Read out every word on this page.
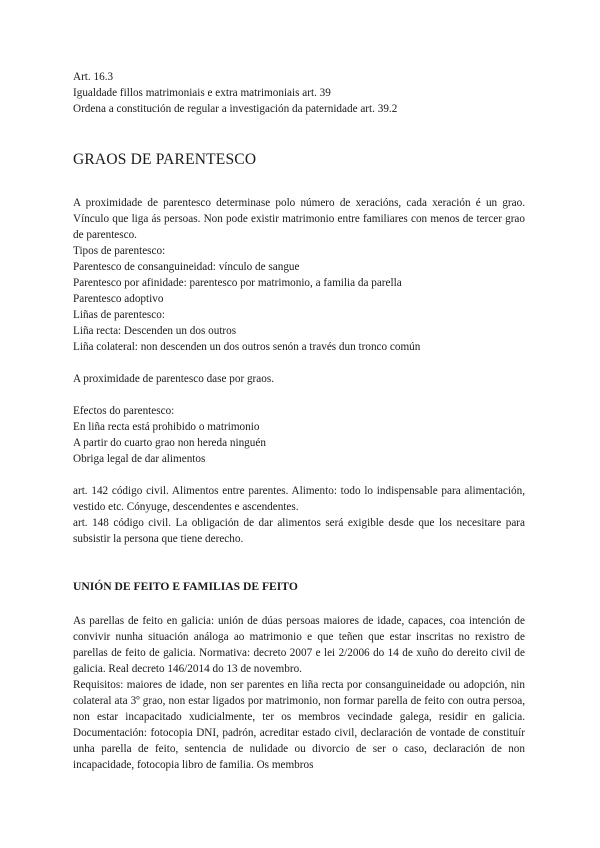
Art. 16.3

Igualdade fillos matrimoniais e extra matrimoniais art. 39

Ordena a constitución de regular a investigación da paternidade art. 39.2

GRAOS DE PARENTESCO

A proximidade de parentesco determinase polo número de xeracións, cada xeración é un grao. Vínculo que liga ás persoas. Non pode existir matrimonio entre familiares con menos de tercer grao de parentesco.

Tipos de parentesco:

Parentesco de consanguineidad: vínculo de sangue

Parentesco por afinidade: parentesco por matrimonio, a familia da parella

Parentesco adoptivo

Liñas de parentesco:

Liña recta: Descenden un dos outros

Liña colateral: non descenden un dos outros senón a través dun tronco común

A proximidade de parentesco dase por graos.

Efectos do parentesco:

En liña recta está prohibido o matrimonio

A partir do cuarto grao non hereda ninguén

Obriga legal de dar alimentos

art. 142 código civil. Alimentos entre parentes. Alimento: todo lo indispensable para alimentación, vestido etc. Cónyuge, descendentes e ascendentes.

art. 148 código civil. La obligación de dar alimentos será exigible desde que los necesitare para subsistir la persona que tiene derecho.

UNIÓN DE FEITO E FAMILIAS DE FEITO

As parellas de feito en galicia: unión de dúas persoas maiores de idade, capaces, coa intención de convivir nunha situación análoga ao matrimonio e que teñen que estar inscritas no rexistro de parellas de feito de galicia. Normativa: decreto 2007 e lei 2/2006 do 14 de xuño do dereito civil de galicia. Real decreto 146/2014 do 13 de novembro.

Requisitos: maiores de idade, non ser parentes en liña recta por consanguineidade ou adopción, nin colateral ata 3º grao, non estar ligados por matrimonio, non formar parella de feito con outra persoa, non estar incapacitado xudicialmente, ter os membros vecindade galega, residir en galicia. Documentación: fotocopia DNI, padrón, acreditar estado civil, declaración de vontade de constituír unha parella de feito, sentencia de nulidade ou divorcio de ser o caso, declaración de non incapacidade, fotocopia libro de familia. Os membros
